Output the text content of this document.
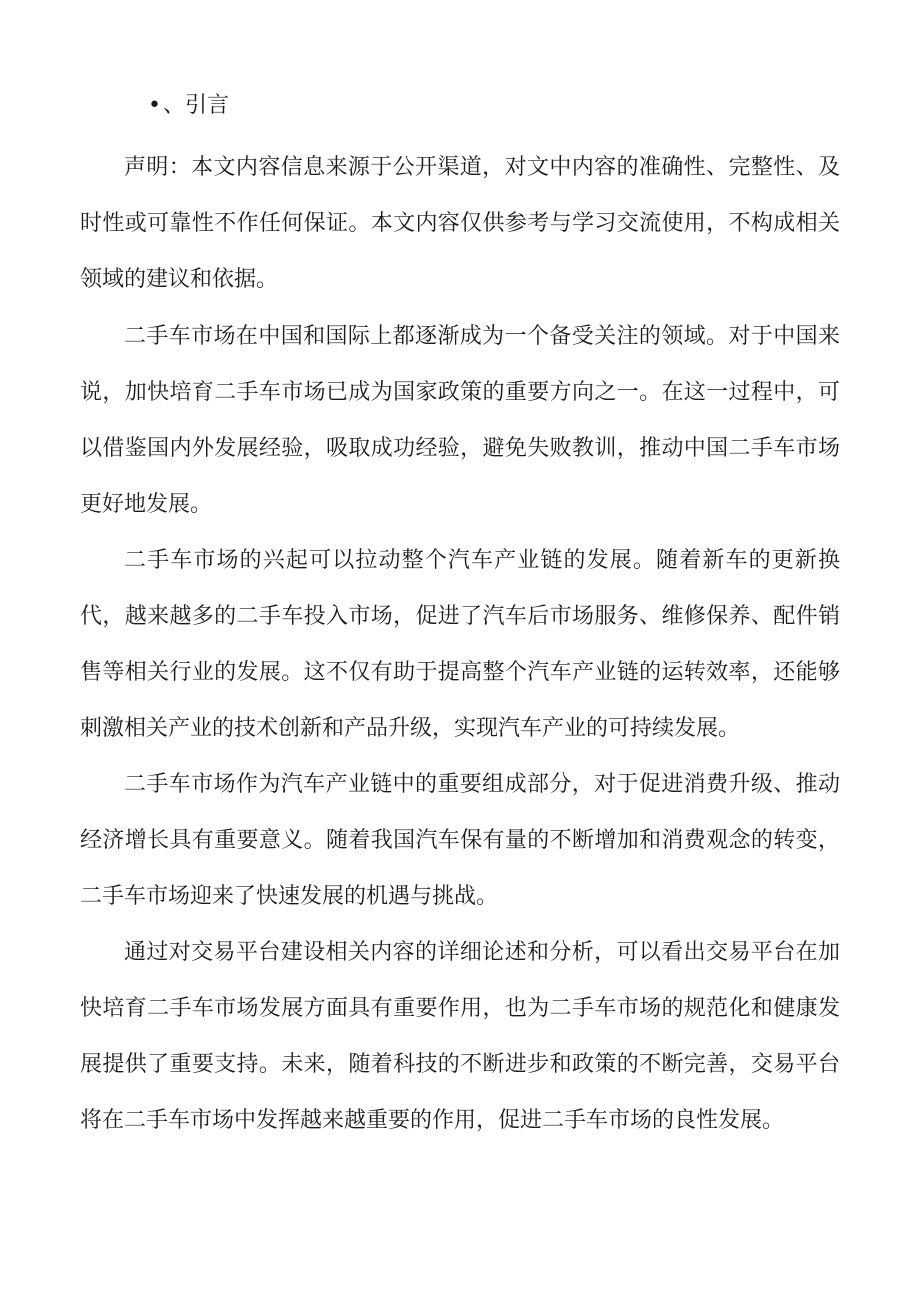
•、引言

声明：本文内容信息来源于公开渠道，对文中内容的准确性、完整性、及时性或可靠性不作任何保证。本文内容仅供参考与学习交流使用，不构成相关领域的建议和依据。

二手车市场在中国和国际上都逐渐成为一个备受关注的领域。对于中国来说，加快培育二手车市场已成为国家政策的重要方向之一。在这一过程中，可以借鉴国内外发展经验，吸取成功经验，避免失败教训，推动中国二手车市场更好地发展。

二手车市场的兴起可以拉动整个汽车产业链的发展。随着新车的更新换代，越来越多的二手车投入市场，促进了汽车后市场服务、维修保养、配件销售等相关行业的发展。这不仅有助于提高整个汽车产业链的运转效率，还能够刺激相关产业的技术创新和产品升级，实现汽车产业的可持续发展。

二手车市场作为汽车产业链中的重要组成部分，对于促进消费升级、推动经济增长具有重要意义。随着我国汽车保有量的不断增加和消费观念的转变，二手车市场迎来了快速发展的机遇与挑战。

通过对交易平台建设相关内容的详细论述和分析，可以看出交易平台在加快培育二手车市场发展方面具有重要作用，也为二手车市场的规范化和健康发展提供了重要支持。未来，随着科技的不断进步和政策的不断完善，交易平台将在二手车市场中发挥越来越重要的作用，促进二手车市场的良性发展。
